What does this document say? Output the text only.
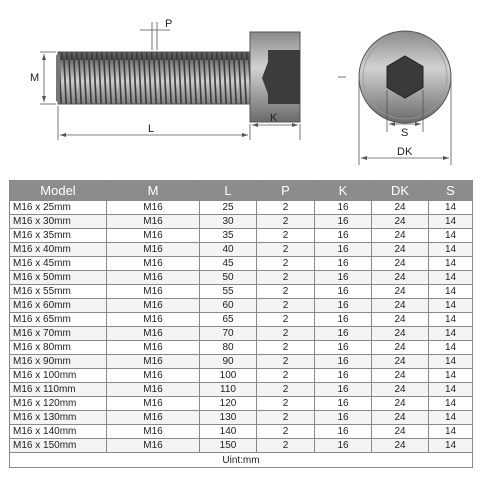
M
P
L
K
S
DK
Model	M	L	P	K	DK	S
M16 x 25mm	M16	25	2	16	24	14
M16 x 30mm	M16	30	2	16	24	14
M16 x 35mm	M16	35	2	16	24	14
M16 x 40mm	M16	40	2	16	24	14
M16 x 45mm	M16	45	2	16	24	14
M16 x 50mm	M16	50	2	16	24	14
M16 x 55mm	M16	55	2	16	24	14
M16 x 60mm	M16	60	2	16	24	14
M16 x 65mm	M16	65	2	16	24	14
M16 x 70mm	M16	70	2	16	24	14
M16 x 80mm	M16	80	2	16	24	14
M16 x 90mm	M16	90	2	16	24	14
M16 x 100mm	M16	100	2	16	24	14
M16 x 110mm	M16	110	2	16	24	14
M16 x 120mm	M16	120	2	16	24	14
M16 x 130mm	M16	130	2	16	24	14
M16 x 140mm	M16	140	2	16	24	14
M16 x 150mm	M16	150	2	16	24	14
Uint:mm						
